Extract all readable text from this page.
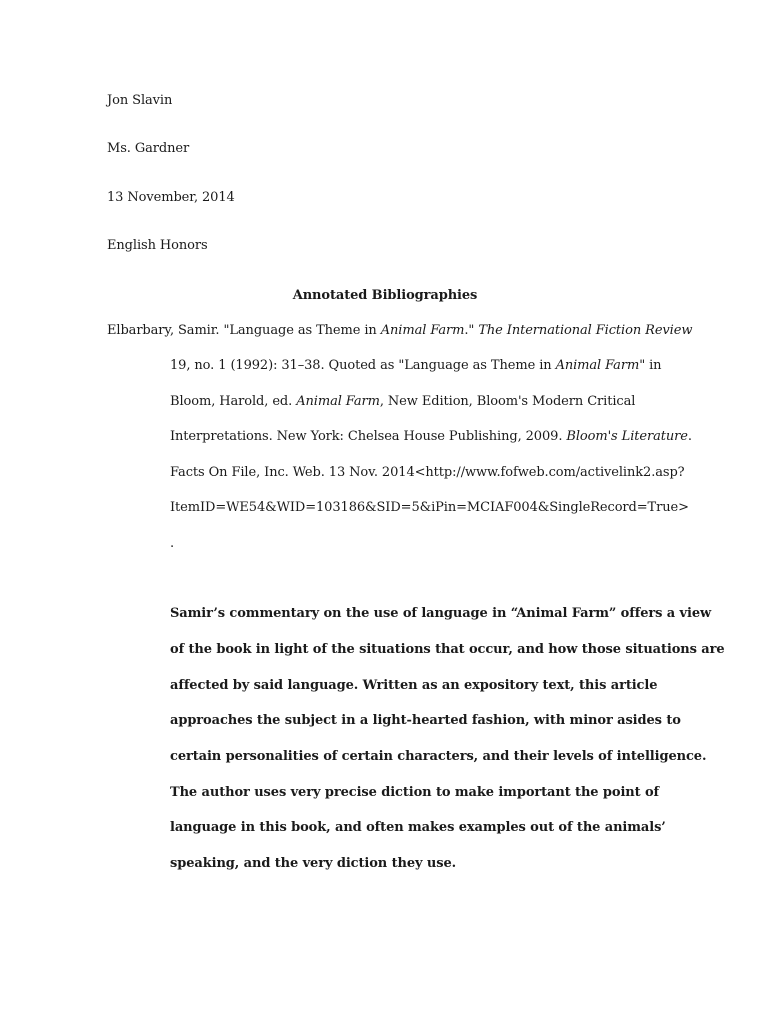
Jon Slavin
Ms. Gardner
13 November, 2014
English Honors
Annotated Bibliographies
Elbarbary, Samir. "Language as Theme in Animal Farm." The International Fiction Review
19, no. 1 (1992): 31–38. Quoted as "Language as Theme in Animal Farm" in
Bloom, Harold, ed. Animal Farm, New Edition, Bloom's Modern Critical
Interpretations. New York: Chelsea House Publishing, 2009. Bloom's Literature.
Facts On File, Inc. Web. 13 Nov. 2014<http://www.fofweb.com/activelink2.asp?
ItemID=WE54&WID=103186&SID=5&iPin=MCIAF004&SingleRecord=True>
.
Samir’s commentary on the use of language in “Animal Farm” offers a view
of the book in light of the situations that occur, and how those situations are
affected by said language. Written as an expository text, this article
approaches the subject in a light-hearted fashion, with minor asides to
certain personalities of certain characters, and their levels of intelligence.
The author uses very precise diction to make important the point of
language in this book, and often makes examples out of the animals’
speaking, and the very diction they use.
